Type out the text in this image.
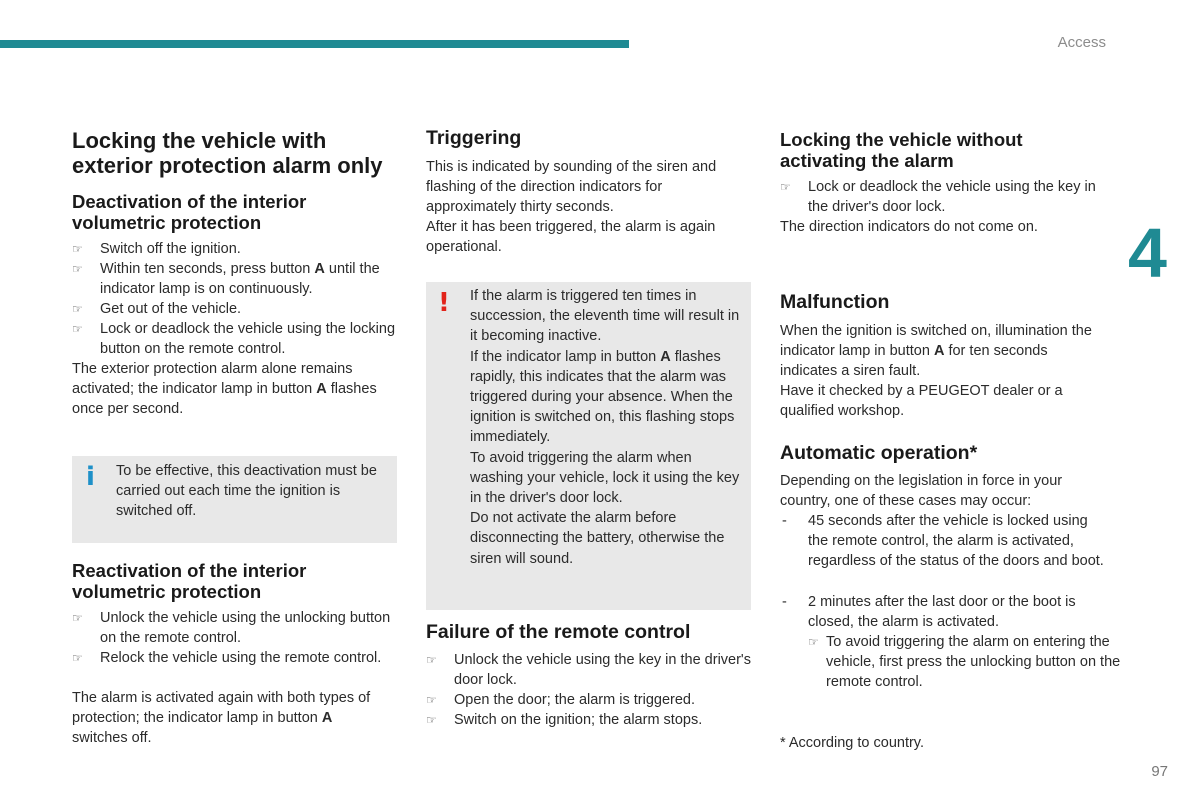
Access
4
97
Locking the vehicle with exterior protection alarm only
Deactivation of the interior volumetric protection

☞ Switch off the ignition.

☞ Within ten seconds, press button A until the indicator lamp is on continuously.

☞ Get out of the vehicle.

☞ Lock or deadlock the vehicle using the locking button on the remote control.

The exterior protection alarm alone remains activated; the indicator lamp in button A flashes once per second.

i To be effective, this deactivation must be carried out each time the ignition is switched off.

Reactivation of the interior volumetric protection

☞ Unlock the vehicle using the unlocking button on the remote control.

☞ Relock the vehicle using the remote control.

The alarm is activated again with both types of protection; the indicator lamp in button A switches off.

Triggering

This is indicated by sounding of the siren and flashing of the direction indicators for approximately thirty seconds.

After it has been triggered, the alarm is again operational.

! If the alarm is triggered ten times in succession, the eleventh time will result in it becoming inactive.

If the indicator lamp in button A flashes rapidly, this indicates that the alarm was triggered during your absence. When the ignition is switched on, this flashing stops immediately.

To avoid triggering the alarm when washing your vehicle, lock it using the key in the driver's door lock.

Do not activate the alarm before disconnecting the battery, otherwise the siren will sound.

Failure of the remote control

☞ Unlock the vehicle using the key in the driver's door lock.

☞ Open the door; the alarm is triggered.

☞ Switch on the ignition; the alarm stops.

Locking the vehicle without activating the alarm

☞ Lock or deadlock the vehicle using the key in the driver's door lock.

The direction indicators do not come on.

Malfunction

When the ignition is switched on, illumination the indicator lamp in button A for ten seconds indicates a siren fault.

Have it checked by a PEUGEOT dealer or a qualified workshop.

Automatic operation*

Depending on the legislation in force in your country, one of these cases may occur:

- 45 seconds after the vehicle is locked using the remote control, the alarm is activated, regardless of the status of the doors and boot.

- 2 minutes after the last door or the boot is closed, the alarm is activated.

☞ To avoid triggering the alarm on entering the vehicle, first press the unlocking button on the remote control.

* According to country.
